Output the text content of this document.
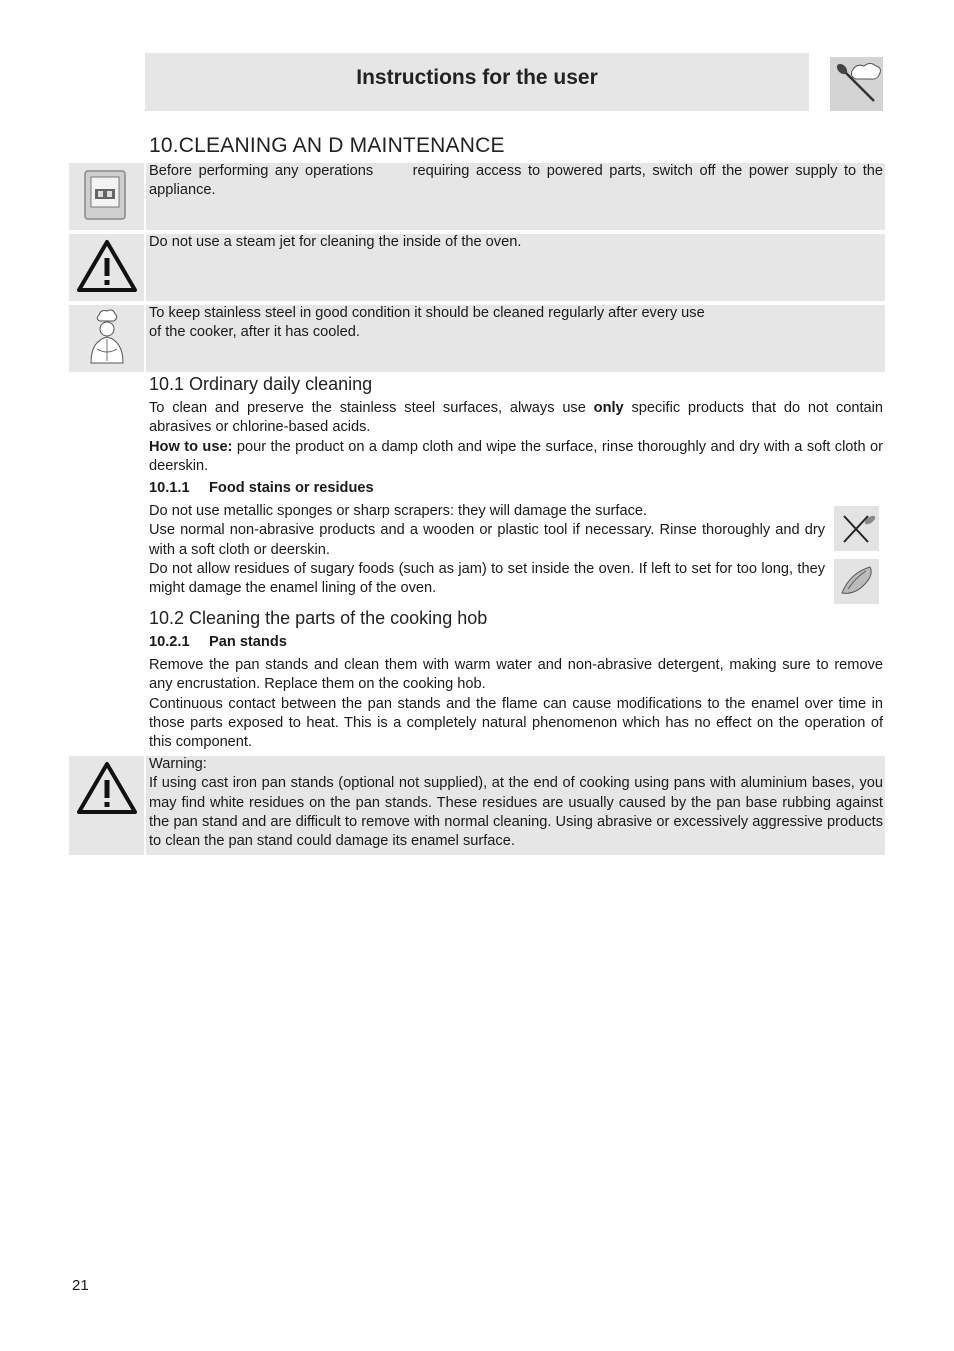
Instructions for the user
10.CLEANING AN D MAINTENANCE
Before performing any operations      requiring access to powered parts, switch off the power supply to the appliance.
Do not use a steam jet for cleaning the inside of the oven.
To keep stainless steel in good condition it should be cleaned regularly after every use
of the cooker, after it has cooled.
10.1 Ordinary daily cleaning

To clean and preserve the stainless steel surfaces, always use only specific products that do not contain abrasives or chlorine-based acids.

How to use: pour the product on a damp cloth and wipe the surface, rinse thoroughly and dry with a soft cloth or deerskin.

10.1.1 Food stains or residues

Do not use metallic sponges or sharp scrapers: they will damage the surface.

Use normal non-abrasive products and a wooden or plastic tool if necessary. Rinse thoroughly and dry with a soft cloth or deerskin.

Do not allow residues of sugary foods (such as jam) to set inside the oven. If left to set for too long, they might damage the enamel lining of the oven.

10.2 Cleaning the parts of the cooking hob
10.2.1 Pan stands

Remove the pan stands and clean them with warm water and non-abrasive detergent, making sure to remove any encrustation. Replace them on the cooking hob.

Continuous contact between the pan stands and the flame can cause modifications to the enamel over time in those parts exposed to heat. This is a completely natural phenomenon which has no effect on the operation of this component.

Warning:
If using cast iron pan stands (optional not supplied), at the end of cooking using pans with aluminium bases, you may find white residues on the pan stands. These residues are usually caused by the pan base rubbing against the pan stand and are difficult to remove with normal cleaning. Using abrasive or excessively aggressive products to clean the pan stand could damage its enamel surface.
21
